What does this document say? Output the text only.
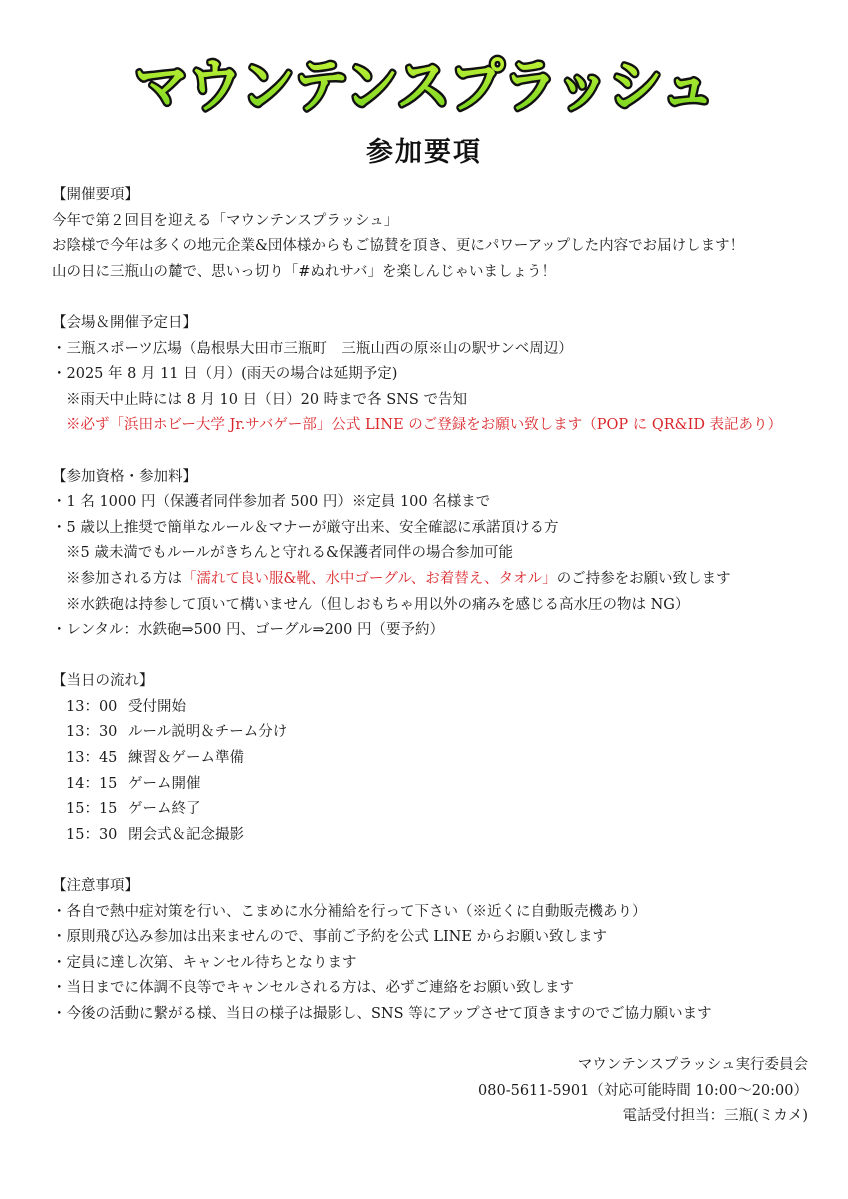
マウンテンスプラッシュ
参加要項
【開催要項】
今年で第２回目を迎える「マウンテンスプラッシュ」
お陰様で今年は多くの地元企業&団体様からもご協賛を頂き、更にパワーアップした内容でお届けします！
山の日に三瓶山の麓で、思いっ切り「#ぬれサバ」を楽しんじゃいましょう！
【会場＆開催予定日】
・三瓶スポーツ広場（島根県大田市三瓶町　三瓶山西の原※山の駅サンベ周辺）
・2025 年 8 月 11 日（月）(雨天の場合は延期予定)
※雨天中止時には 8 月 10 日（日）20 時まで各 SNS で告知
※必ず「浜田ホビー大学 Jr.サバゲー部」公式 LINE のご登録をお願い致します（POP に QR&ID 表記あり）
【参加資格・参加料】
・1 名 1000 円（保護者同伴参加者 500 円）※定員 100 名様まで
・5 歳以上推奨で簡単なルール＆マナーが厳守出来、安全確認に承諾頂ける方
※5 歳未満でもルールがきちんと守れる&保護者同伴の場合参加可能
※参加される方は「濡れて良い服&靴、水中ゴーグル、お着替え、タオル」のご持参をお願い致します
※水鉄砲は持参して頂いて構いません（但しおもちゃ用以外の痛みを感じる高水圧の物は NG）
・レンタル：水鉄砲⇒500 円、ゴーグル⇒200 円（要予約）
【当日の流れ】
13：00 受付開始
13：30 ルール説明＆チーム分け
13：45 練習＆ゲーム準備
14：15 ゲーム開催
15：15 ゲーム終了
15：30 閉会式＆記念撮影
【注意事項】
・各自で熱中症対策を行い、こまめに水分補給を行って下さい（※近くに自動販売機あり）
・原則飛び込み参加は出来ませんので、事前ご予約を公式 LINE からお願い致します
・定員に達し次第、キャンセル待ちとなります
・当日までに体調不良等でキャンセルされる方は、必ずご連絡をお願い致します
・今後の活動に繋がる様、当日の様子は撮影し、SNS 等にアップさせて頂きますのでご協力願います
マウンテンスプラッシュ実行委員会
080-5611-5901（対応可能時間 10:00～20:00）
電話受付担当：三瓶(ミカメ)
